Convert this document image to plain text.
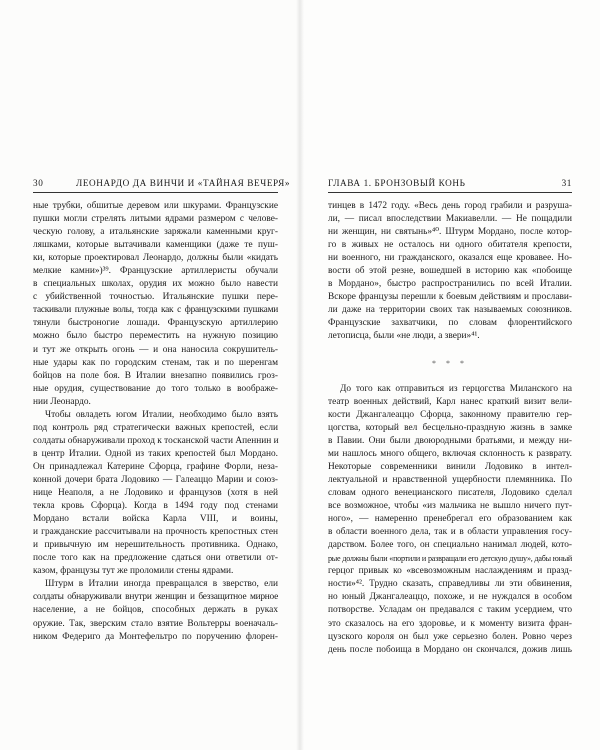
30	ЛЕОНАРДО ДА ВИНЧИ И «ТАЙНАЯ ВЕЧЕРЯ»
ные трубки, обшитые деревом или шкурами. Французские
пушки могли стрелять литыми ядрами размером с челове-
ческую голову, а итальянские заряжали каменными круг-
ляшками, которые вытачивали каменщики (даже те пуш-
ки, которые проектировал Леонардо, должны были «кидать
мелкие камни»)³⁹. Французские артиллеристы обучали
в специальных школах, орудия их можно было навести
с убийственной точностью. Итальянские пушки пере-
таскивали плужные волы, тогда как с французскими пушками
тянули быстроногие лошади. Французскую артиллерию
можно было быстро переместить на нужную позицию
и тут же открыть огонь — и она наносила сокрушитель-
ные удары как по городским стенам, так и по шеренгам
бойцов на поле боя. В Италии внезапно появились гроз-
ные орудия, существование до того только в воображе-
нии Леонардо.
Чтобы овладеть югом Италии, необходимо было взять
под контроль ряд стратегически важных крепостей, если
солдаты обнаруживали проход к тосканской части Апеннин и
в центр Италии. Одной из таких крепостей был Мордано.
Он принадлежал Катерине Сфорца, графине Форли, неза-
конной дочери брата Лодовико — Галеаццо Марии и союз-
нице Неаполя, а не Лодовико и французов (хотя в ней
текла кровь Сфорца). Когда в 1494 году под стенами
Мордано встали войска Карла VIII, и воины,
и гражданские рассчитывали на прочность крепостных стен
и привычную им нерешительность противника. Однако,
после того как на предложение сдаться они ответили от-
казом, французы тут же проломили стены ядрами.
Штурм в Италии иногда превращался в зверство, ели
солдаты обнаруживали внутри женщин и беззащитное мирное
население, а не бойцов, способных держать в руках
оружие. Так, зверским стало взятие Вольтерры военачаль-
ником Федериго да Монтефельтро по поручению флорен-
ГЛАВА 1. БРОНЗОВЫЙ КОНЬ	31
тинцев в 1472 году. «Весь день город грабили и разруша-
ли, — писал впоследствии Макиавелли. — Не пощадили
ни женщин, ни святынь»⁴⁰. Штурм Мордано, после котор-
го в живых не осталось ни одного обитателя крепости,
ни военного, ни гражданского, оказался еще кровавее. Но-
вости об этой резне, вошедшей в историю как «побоище
в Мордано», быстро распространились по всей Италии.
Вскоре французы перешли к боевым действиям и прослави-
ли даже на территории своих так называемых союзников.
Французские захватчики, по словам флорентийского
летописца, были «не люди, а звери»⁴¹.
* * *
До того как отправиться из герцогства Миланского на
театр военных действий, Карл нанес краткий визит вели-
кости Джангалеаццо Сфорца, законному правителю гер-
цогства, который вел бесцельно-праздную жизнь в замке
в Павии. Они были двоюродными братьями, и между ни-
ми нашлось много общего, включая склонность к разврату.
Некоторые современники винили Лодовико в интел-
лектуальной и нравственной ущербности племянника. По
словам одного венецианского писателя, Лодовико сделал
все возможное, чтобы «из мальчика не вышло ничего пут-
ного», — намеренно пренебрегал его образованием как
в области военного дела, так и в области управления госу-
дарством. Более того, он специально нанимал людей, кото-
рые должны были «портили и развращали его детскую душу», дабы юный
герцог привык ко «всевозможным наслаждениям и празд-
ности»⁴². Трудно сказать, справедливы ли эти обвинения,
но юный Джангалеаццо, похоже, и не нуждался в особом
потворстве. Усладам он предавался с таким усердием, что
это сказалось на его здоровье, и к моменту визита фран-
цузского короля он был уже серьезно болен. Ровно через
день после побоища в Мордано он скончался, дожив лишь
